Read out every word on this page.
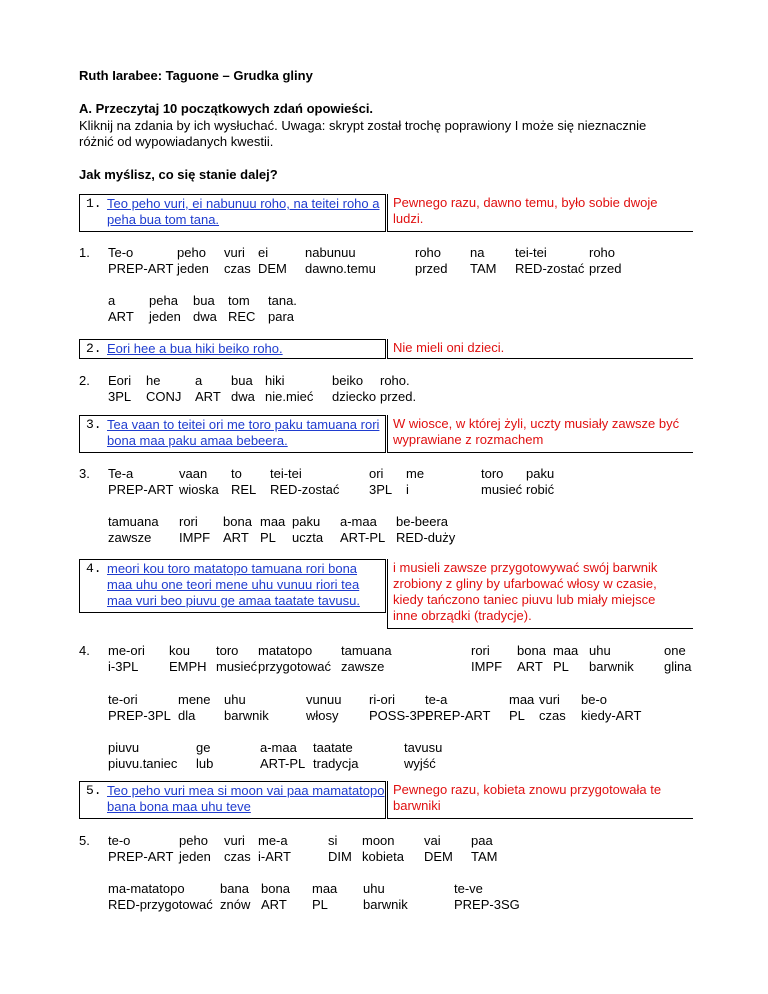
Ruth Iarabee: Taguone – Grudka gliny
A. Przeczytaj 10 początkowych zdań opowieści.
Kliknij na zdania by ich wysłuchać. Uwaga: skrypt został trochę poprawiony I może się nieznacznie
różnić od wypowiadanych kwestii.
Jak myślisz, co się stanie dalej?
1. Teo peho vuri, ei nabunuu roho, na teitei roho a
peha bua tom tana.
Pewnego razu, dawno temu, było sobie dwoje
ludzi.
1. Te-o
PREP-ART
peho
jeden
vuri
czas
ei
DEM
nabunuu
dawno.temu
roho
przed
na
TAM
tei-tei
RED-zostać
roho
przed
a
ART
peha
jeden
bua
dwa
tom
REC
tana.
para
2. Eori hee a bua hiki beiko roho.	Nie mieli oni dzieci.
2. Eori
3PL
he
CONJ
a
ART
bua
dwa
hiki
nie.mieć
beiko
dziecko
roho.
przed.
3. Tea vaan to teitei ori me toro paku tamuana rori
bona maa paku amaa bebeera.
W wiosce, w której żyli, uczty musiały zawsze być
wyprawiane z rozmachem
3. Te-a
PREP-ART
vaan
wioska
to
REL
tei-tei
RED-zostać
ori
3PL
me
i
toro
musieć
paku
robić
tamuana
zawsze
rori
IMPF
bona
ART
maa
PL
paku
uczta
a-maa
ART-PL
be-beera
RED-duży
4. meori kou toro matatopo tamuana rori bona
maa uhu one teori mene uhu vunuu riori tea
maa vuri beo piuvu ge amaa taatate tavusu.
i musieli zawsze przygotowywać swój barwnik
zrobiony z gliny by ufarbować włosy w czasie,
kiedy tańczono taniec piuvu lub miały miejsce
inne obrządki (tradycje).
4. me-ori
i-3PL
kou
EMPH
toro
musieć
matatopo
przygotować
tamuana
zawsze
rori
IMPF
bona
ART
maa
PL
uhu
barwnik
one
glina
te-ori
PREP-3PL
mene
dla
uhu
barwnik
vunuu
włosy
ri-ori
POSS-3PL
te-a
PREP-ART
maa
PL
vuri
czas
be-o
kiedy-ART
piuvu
piuvu.taniec
ge
lub
a-maa
ART-PL
taatate
tradycja
tavusu
wyjść
5. Teo peho vuri mea si moon vai paa mamatatopo
bana bona maa uhu teve
Pewnego razu, kobieta znowu przygotowała te
barwniki
5. te-o
PREP-ART
peho
jeden
vuri
czas
me-a
i-ART
si
DIM
moon
kobieta
vai
DEM
paa
TAM
ma-matatopo
RED-przygotować
bana
znów
bona
ART
maa
PL
uhu
barwnik
te-ve
PREP-3SG
